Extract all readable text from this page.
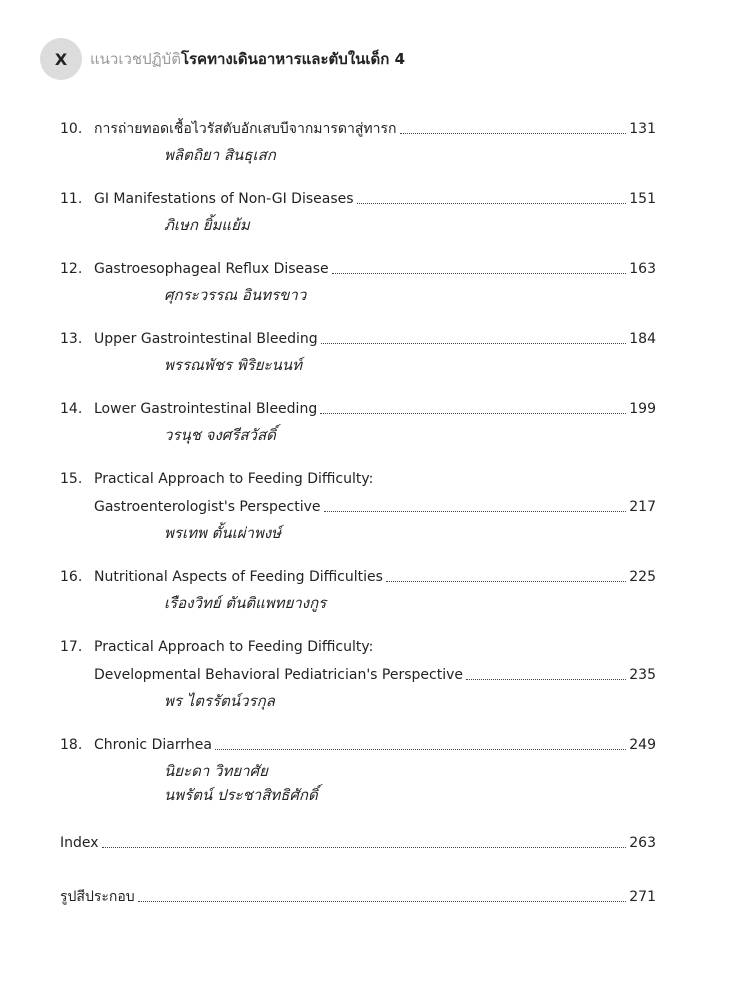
X แนวเวชปฏิบัติโรคทางเดินอาหารและตับในเด็ก 4
10. การถ่ายทอดเชื้อไวรัสตับอักเสบบีจากมารดาสู่ทารก	131
พลิตถิยา สินธุเสก
11. GI Manifestations of Non-GI Diseases	151
ภิเษก ยิ้มแย้ม
12. Gastroesophageal Reflux Disease	163
ศุกระวรรณ อินทรขาว
13. Upper Gastrointestinal Bleeding	184
พรรณพัชร พิริยะนนท์
14. Lower Gastrointestinal Bleeding	199
วรนุช จงศรีสวัสดิ์
15. Practical Approach to Feeding Difficulty:
Gastroenterologist's Perspective	217
พรเทพ ตั้นเผ่าพงษ์
16. Nutritional Aspects of Feeding Difficulties	225
เรืองวิทย์ ตันติแพทยางกูร
17. Practical Approach to Feeding Difficulty:
Developmental Behavioral Pediatrician's Perspective	235
พร ไตรรัตน์วรกุล
18. Chronic Diarrhea	249
นิยะดา วิทยาศัย
นพรัตน์ ประชาสิทธิศักดิ์
Index	263
รูปสีประกอบ	271
